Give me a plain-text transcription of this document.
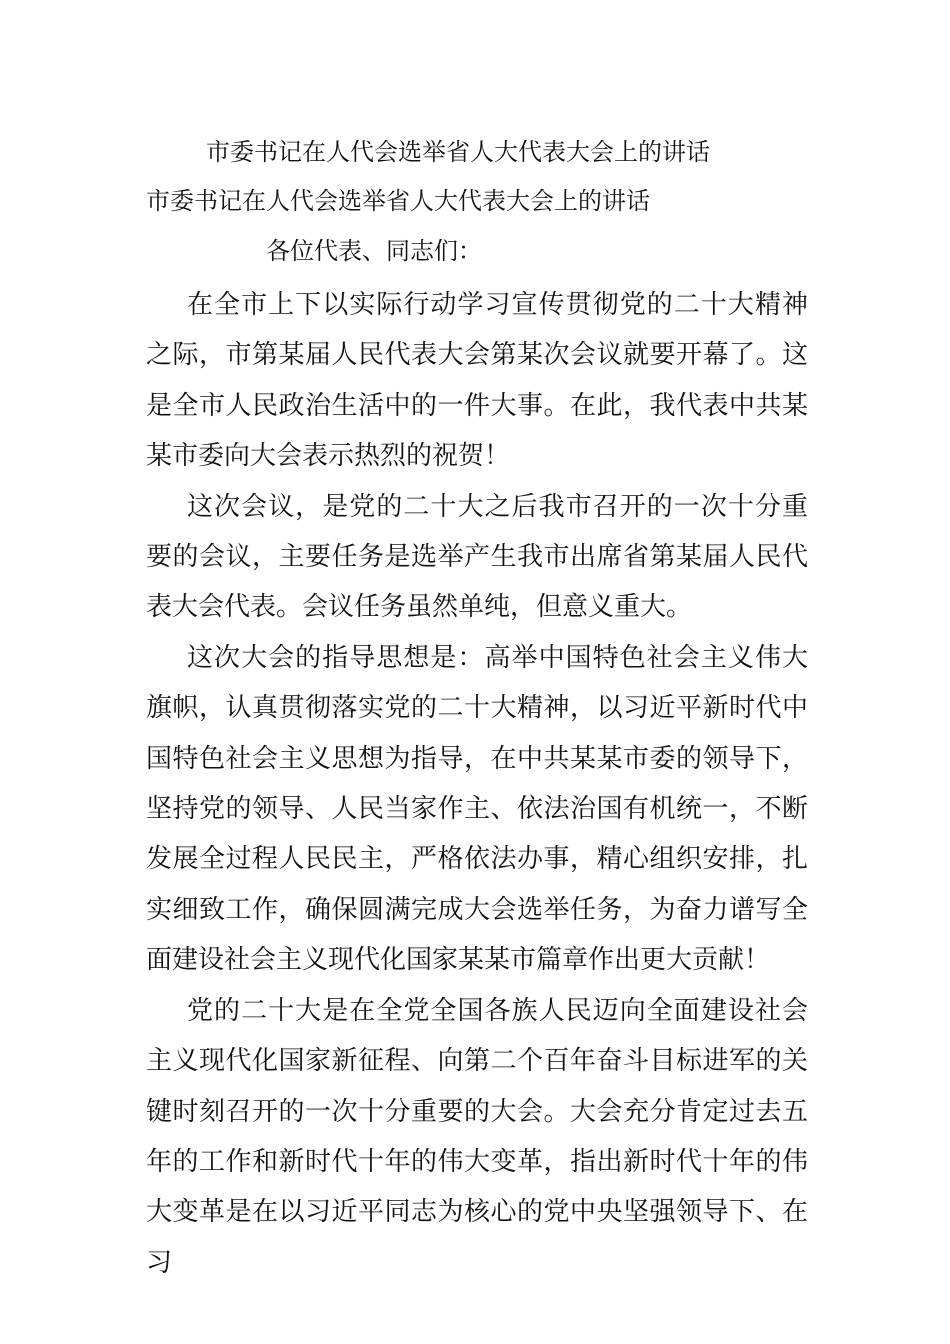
市委书记在人代会选举省人大代表大会上的讲话
市委书记在人代会选举省人大代表大会上的讲话
各位代表、同志们：

在全市上下以实际行动学习宣传贯彻党的二十大精神之际，市第某届人民代表大会第某次会议就要开幕了。这是全市人民政治生活中的一件大事。在此，我代表中共某某市委向大会表示热烈的祝贺！

这次会议，是党的二十大之后我市召开的一次十分重要的会议，主要任务是选举产生我市出席省第某届人民代表大会代表。会议任务虽然单纯，但意义重大。

这次大会的指导思想是：高举中国特色社会主义伟大旗帜，认真贯彻落实党的二十大精神，以习近平新时代中国特色社会主义思想为指导，在中共某某市委的领导下，坚持党的领导、人民当家作主、依法治国有机统一，不断发展全过程人民民主，严格依法办事，精心组织安排，扎实细致工作，确保圆满完成大会选举任务，为奋力谱写全面建设社会主义现代化国家某某市篇章作出更大贡献！

党的二十大是在全党全国各族人民迈向全面建设社会主义现代化国家新征程、向第二个百年奋斗目标进军的关键时刻召开的一次十分重要的大会。大会充分肯定过去五年的工作和新时代十年的伟大变革，指出新时代十年的伟大变革是在以习近平同志为核心的党中央坚强领导下、在习
